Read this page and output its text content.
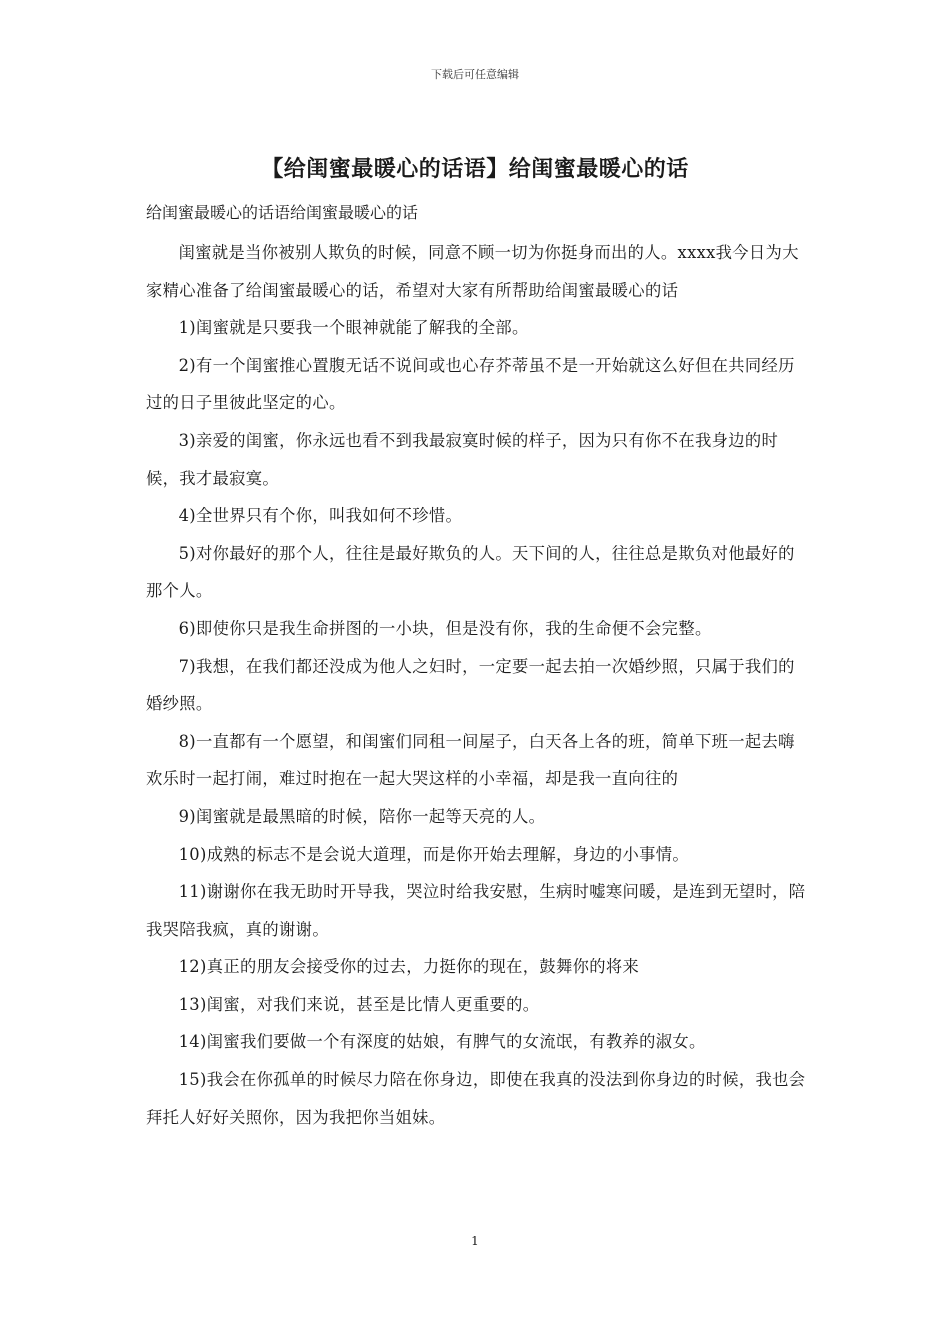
下载后可任意编辑
【给闺蜜最暖心的话语】给闺蜜最暖心的话
给闺蜜最暖心的话语给闺蜜最暖心的话

闺蜜就是当你被别人欺负的时候，同意不顾一切为你挺身而出的人。xxxx我今日为大家精心准备了给闺蜜最暖心的话，希望对大家有所帮助给闺蜜最暖心的话

1)闺蜜就是只要我一个眼神就能了解我的全部。

2)有一个闺蜜推心置腹无话不说间或也心存芥蒂虽不是一开始就这么好但在共同经历过的日子里彼此坚定的心。

3)亲爱的闺蜜，你永远也看不到我最寂寞时候的样子，因为只有你不在我身边的时候，我才最寂寞。

4)全世界只有个你，叫我如何不珍惜。

5)对你最好的那个人，往往是最好欺负的人。天下间的人，往往总是欺负对他最好的那个人。

6)即使你只是我生命拼图的一小块，但是没有你，我的生命便不会完整。

7)我想，在我们都还没成为他人之妇时，一定要一起去拍一次婚纱照，只属于我们的婚纱照。

8)一直都有一个愿望，和闺蜜们同租一间屋子，白天各上各的班，简单下班一起去嗨欢乐时一起打闹，难过时抱在一起大哭这样的小幸福，却是我一直向往的

9)闺蜜就是最黑暗的时候，陪你一起等天亮的人。

10)成熟的标志不是会说大道理，而是你开始去理解，身边的小事情。

11)谢谢你在我无助时开导我，哭泣时给我安慰，生病时嘘寒问暖，是连到无望时，陪我哭陪我疯，真的谢谢。

12)真正的朋友会接受你的过去，力挺你的现在，鼓舞你的将来

13)闺蜜，对我们来说，甚至是比情人更重要的。

14)闺蜜我们要做一个有深度的姑娘，有脾气的女流氓，有教养的淑女。

15)我会在你孤单的时候尽力陪在你身边，即使在我真的没法到你身边的时候，我也会拜托人好好关照你，因为我把你当姐妹。

1
